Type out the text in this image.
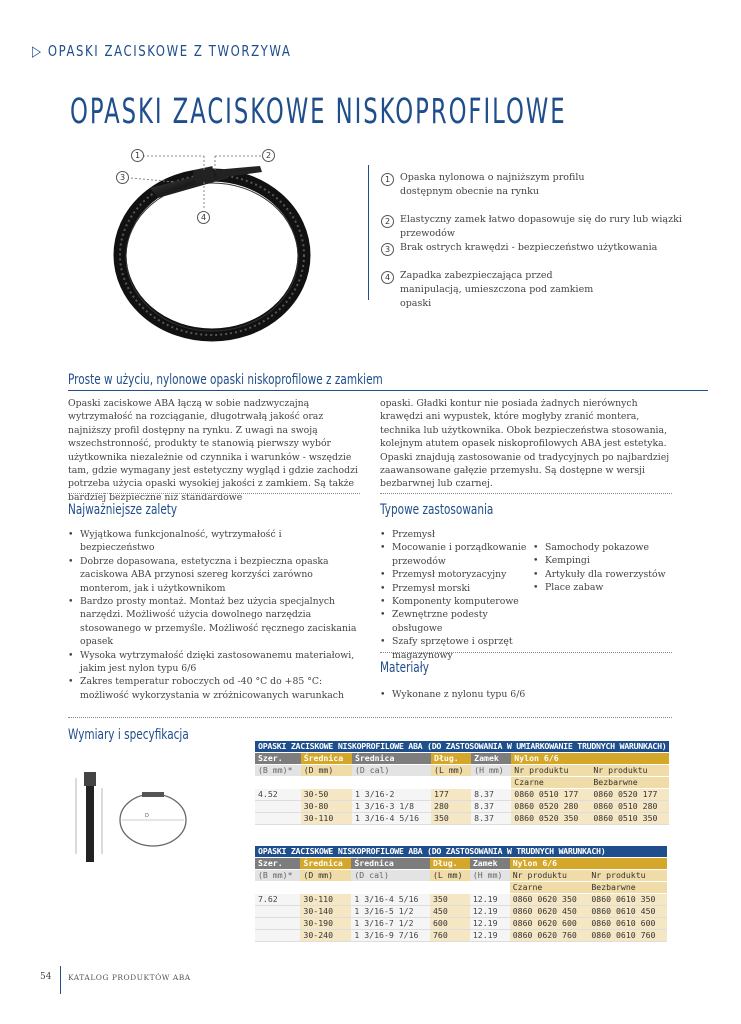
▷ OPASKI ZACISKOWE Z TWORZYWA
OPASKI ZACISKOWE NISKOPROFILOWE
1	2
3
4
1	Opaska nylonowa o najniższym profilu dostępnym obecnie na rynku
2	Elastyczny zamek łatwo dopasowuje się do rury lub wiązki przewodów
3	Brak ostrych krawędzi - bezpieczeństwo użytkowania
4	Zapadka zabezpieczająca przed manipulacją, umieszczona pod zamkiem opaski
Proste w użyciu, nylonowe opaski niskoprofilowe z zamkiem
Opaski zaciskowe ABA łączą w sobie nadzwyczajną wytrzymałość na rozciąganie, długotrwałą jakość oraz najniższy profil dostępny na rynku. Z uwagi na swoją wszechstronność, produkty te stanowią pierwszy wybór użytkownika niezależnie od czynnika i warunków - wszędzie tam, gdzie wymagany jest estetyczny wygląd i gdzie zachodzi potrzeba użycia opaski wysokiej jakości z zamkiem. Są także bardziej bezpieczne niż standardowe
opaski. Gładki kontur nie posiada żadnych nierównych krawędzi ani wypustek, które mogłyby zranić montera, technika lub użytkownika. Obok bezpieczeństwa stosowania, kolejnym atutem opasek niskoprofilowych ABA jest estetyka. Opaski znajdują zastosowanie od tradycyjnych po najbardziej zaawansowane gałęzie przemysłu. Są dostępne w wersji bezbarwnej lub czarnej.
Najważniejsze zalety
• Wyjątkowa funkcjonalność, wytrzymałość i bezpieczeństwo
• Dobrze dopasowana, estetyczna i bezpieczna opaska zaciskowa ABA przynosi szereg korzyści zarówno monterom, jak i użytkownikom
• Bardzo prosty montaż. Montaż bez użycia specjalnych narzędzi. Możliwość użycia dowolnego narzędzia stosowanego w przemyśle. Możliwość ręcznego zaciskania opasek
• Wysoka wytrzymałość dzięki zastosowanemu materiałowi, jakim jest nylon typu 6/6
• Zakres temperatur roboczych od -40 °C do +85 °C: możliwość wykorzystania w zróżnicowanych warunkach
Typowe zastosowania
• Przemysł
• Mocowanie i porządkowanie przewodów
• Przemysł motoryzacyjny
• Przemysł morski
• Komponenty komputerowe
• Zewnętrzne podesty obsługowe
• Szafy sprzętowe i osprzęt magazynowy
• Samochody pokazowe
• Kempingi
• Artykuły dla rowerzystów
• Place zabaw
Materiały
• Wykonane z nylonu typu 6/6
Wymiary i specyfikacja
D
OPASKI ZACISKOWE NISKOPROFILOWE ABA (DO ZASTOSOWANIA W UMIARKOWANIE TRUDNYCH WARUNKACH)						
Szer.	Średnica	Średnica	Dług.	Zamek	Nylon 6/6	
(B mm)*	(D mm)	(D cal)	(L mm)	(H mm)	Nr produktu	Nr produktu
					Czarne	Bezbarwne
4.52	30-50	1 3/16-2	177	8.37	0860 0510 177	0860 0520 177
	30-80	1 3/16-3 1/8	280	8.37	0860 0520 280	0860 0510 280
	30-110	1 3/16-4 5/16	350	8.37	0860 0520 350	0860 0510 350
OPASKI ZACISKOWE NISKOPROFILOWE ABA (DO ZASTOSOWANIA W TRUDNYCH WARUNKACH)						
Szer.	Średnica	Średnica	Dług.	Zamek	Nylon 6/6	
(B mm)*	(D mm)	(D cal)	(L mm)	(H mm)	Nr produktu	Nr produktu
					Czarne	Bezbarwne
7.62	30-110	1 3/16-4 5/16	350	12.19	0860 0620 350	0860 0610 350
	30-140	1 3/16-5 1/2	450	12.19	0860 0620 450	0860 0610 450
	30-190	1 3/16-7 1/2	600	12.19	0860 0620 600	0860 0610 600
	30-240	1 3/16-9 7/16	760	12.19	0860 0620 760	0860 0610 760
54 KATALOG PRODUKTÓW ABA
